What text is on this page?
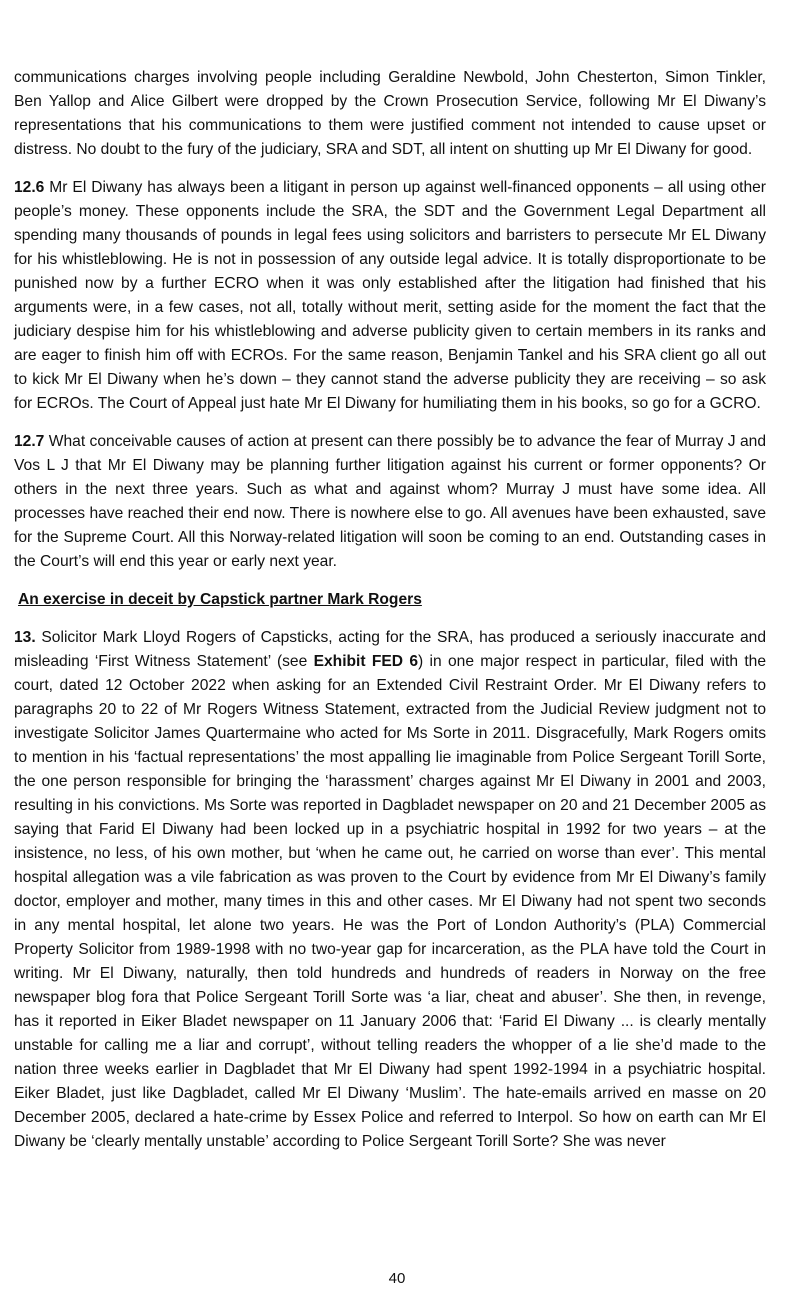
communications charges involving people including Geraldine Newbold, John Chesterton, Simon Tinkler, Ben Yallop and Alice Gilbert were dropped by the Crown Prosecution Service, following Mr El Diwany’s representations that his communications to them were justified comment not intended to cause upset or distress. No doubt to the fury of the judiciary, SRA and SDT, all intent on shutting up Mr El Diwany for good.

12.6 Mr El Diwany has always been a litigant in person up against well-financed opponents – all using other people’s money. These opponents include the SRA, the SDT and the Government Legal Department all spending many thousands of pounds in legal fees using solicitors and barristers to persecute Mr EL Diwany for his whistleblowing. He is not in possession of any outside legal advice. It is totally disproportionate to be punished now by a further ECRO when it was only established after the litigation had finished that his arguments were, in a few cases, not all, totally without merit, setting aside for the moment the fact that the judiciary despise him for his whistleblowing and adverse publicity given to certain members in its ranks and are eager to finish him off with ECROs. For the same reason, Benjamin Tankel and his SRA client go all out to kick Mr El Diwany when he’s down – they cannot stand the adverse publicity they are receiving – so ask for ECROs. The Court of Appeal just hate Mr El Diwany for humiliating them in his books, so go for a GCRO.

12.7 What conceivable causes of action at present can there possibly be to advance the fear of Murray J and Vos L J that Mr El Diwany may be planning further litigation against his current or former opponents? Or others in the next three years. Such as what and against whom? Murray J must have some idea. All processes have reached their end now. There is nowhere else to go. All avenues have been exhausted, save for the Supreme Court. All this Norway-related litigation will soon be coming to an end. Outstanding cases in the Court’s will end this year or early next year.

An exercise in deceit by Capstick partner Mark Rogers

13. Solicitor Mark Lloyd Rogers of Capsticks, acting for the SRA, has produced a seriously inaccurate and misleading ‘First Witness Statement’ (see Exhibit FED 6) in one major respect in particular, filed with the court, dated 12 October 2022 when asking for an Extended Civil Restraint Order. Mr El Diwany refers to paragraphs 20 to 22 of Mr Rogers Witness Statement, extracted from the Judicial Review judgment not to investigate Solicitor James Quartermaine who acted for Ms Sorte in 2011. Disgracefully, Mark Rogers omits to mention in his ‘factual representations’ the most appalling lie imaginable from Police Sergeant Torill Sorte, the one person responsible for bringing the ‘harassment’ charges against Mr El Diwany in 2001 and 2003, resulting in his convictions. Ms Sorte was reported in Dagbladet newspaper on 20 and 21 December 2005 as saying that Farid El Diwany had been locked up in a psychiatric hospital in 1992 for two years – at the insistence, no less, of his own mother, but ‘when he came out, he carried on worse than ever’. This mental hospital allegation was a vile fabrication as was proven to the Court by evidence from Mr El Diwany’s family doctor, employer and mother, many times in this and other cases. Mr El Diwany had not spent two seconds in any mental hospital, let alone two years. He was the Port of London Authority’s (PLA) Commercial Property Solicitor from 1989-1998 with no two-year gap for incarceration, as the PLA have told the Court in writing. Mr El Diwany, naturally, then told hundreds and hundreds of readers in Norway on the free newspaper blog fora that Police Sergeant Torill Sorte was ‘a liar, cheat and abuser’. She then, in revenge, has it reported in Eiker Bladet newspaper on 11 January 2006 that: ‘Farid El Diwany ... is clearly mentally unstable for calling me a liar and corrupt’, without telling readers the whopper of a lie she’d made to the nation three weeks earlier in Dagbladet that Mr El Diwany had spent 1992-1994 in a psychiatric hospital. Eiker Bladet, just like Dagbladet, called Mr El Diwany ‘Muslim’. The hate-emails arrived en masse on 20 December 2005, declared a hate-crime by Essex Police and referred to Interpol. So how on earth can Mr El Diwany be ‘clearly mentally unstable’ according to Police Sergeant Torill Sorte? She was never

40
